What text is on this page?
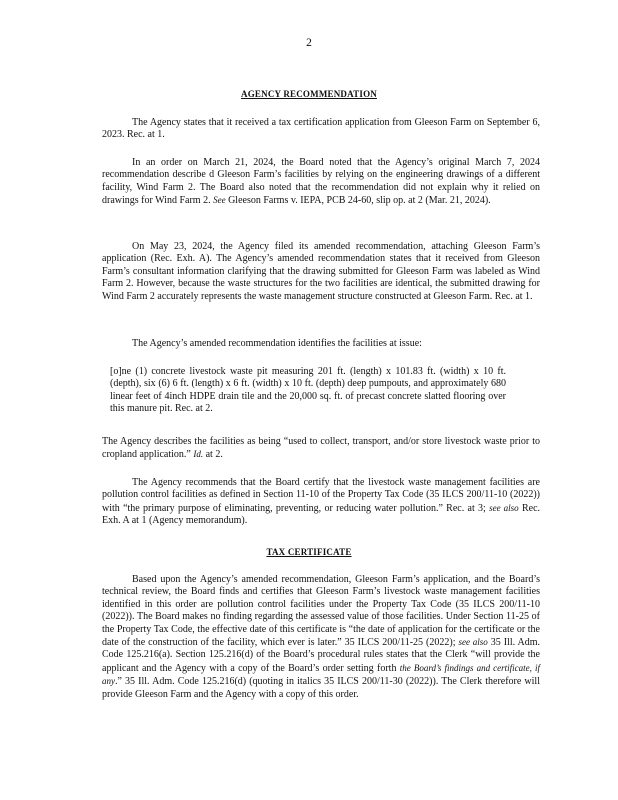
2

AGENCY RECOMMENDATION

The Agency states that it received a tax certification application from Gleeson Farm on September 6, 2023. Rec. at 1.

In an order on March 21, 2024, the Board noted that the Agency’s original March 7, 2024 recommendation describe d Gleeson Farm’s facilities by relying on the engineering drawings of a different facility, Wind Farm 2. The Board also noted that the recommendation did not explain why it relied on drawings for Wind Farm 2. See Gleeson Farms v. IEPA, PCB 24-60, slip op. at 2 (Mar. 21, 2024).

On May 23, 2024, the Agency filed its amended recommendation, attaching Gleeson Farm’s application (Rec. Exh. A). The Agency’s amended recommendation states that it received from Gleeson Farm’s consultant information clarifying that the drawing submitted for Gleeson Farm was labeled as Wind Farm 2. However, because the waste structures for the two facilities are identical, the submitted drawing for Wind Farm 2 accurately represents the waste management structure constructed at Gleeson Farm. Rec. at 1.

The Agency’s amended recommendation identifies the facilities at issue:

[o]ne (1) concrete livestock waste pit measuring 201 ft. (length) x 101.83 ft. (width) x 10 ft. (depth), six (6) 6 ft. (length) x 6 ft. (width) x 10 ft. (depth) deep pumpouts, and approximately 680 linear feet of 4inch HDPE drain tile and the 20,000 sq. ft. of precast concrete slatted flooring over this manure pit. Rec. at 2.

The Agency describes the facilities as being “used to collect, transport, and/or store livestock waste prior to cropland application.” Id. at 2.

The Agency recommends that the Board certify that the livestock waste management facilities are pollution control facilities as defined in Section 11-10 of the Property Tax Code (35 ILCS 200/11-10 (2022)) with “the primary purpose of eliminating, preventing, or reducing water pollution.” Rec. at 3; see also Rec. Exh. A at 1 (Agency memorandum).

TAX CERTIFICATE

Based upon the Agency’s amended recommendation, Gleeson Farm’s application, and the Board’s technical review, the Board finds and certifies that Gleeson Farm’s livestock waste management facilities identified in this order are pollution control facilities under the Property Tax Code (35 ILCS 200/11-10 (2022)). The Board makes no finding regarding the assessed value of those facilities. Under Section 11-25 of the Property Tax Code, the effective date of this certificate is “the date of application for the certificate or the date of the construction of the facility, which ever is later.” 35 ILCS 200/11-25 (2022); see also 35 Ill. Adm. Code 125.216(a). Section 125.216(d) of the Board’s procedural rules states that the Clerk “will provide the applicant and the Agency with a copy of the Board’s order setting forth the Board’s findings and certificate, if any.” 35 Ill. Adm. Code 125.216(d) (quoting in italics 35 ILCS 200/11-30 (2022)). The Clerk therefore will provide Gleeson Farm and the Agency with a copy of this order.
